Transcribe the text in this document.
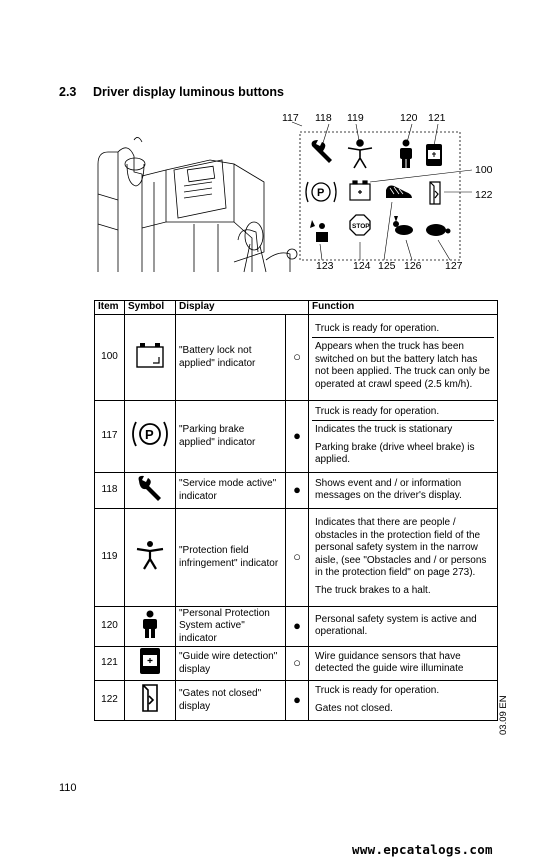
2.3 Driver display luminous buttons
117 118 119	120 121
100
122
123 124 125 126 127
P
STOP
Item	Symbol	Display		Function
100		"Battery lock not applied" indicator	○	Truck is ready for operation.

Appears when the truck has been switched on but the battery latch has not been applied. The truck can only be operated at crawl speed (2.5 km/h).

117	P	"Parking brake applied" indicator	●	Truck is ready for operation.

Indicates the truck is stationary

Parking brake (drive wheel brake) is applied.

118		"Service mode active" indicator	●	Shows event and / or information messages on the driver's display.

119		"Protection field infringement" indicator	○	Indicates that there are people / obstacles in the protection field of the personal safety system in the narrow aisle, (see "Obstacles and / or persons in the protection field" on page 273).

The truck brakes to a halt.

120		"Personal Protection System active" indicator	●	Personal safety system is active and operational.

121		"Guide wire detection" display	○	Wire guidance sensors that have detected the guide wire illuminate

122		"Gates not closed" display	●	Truck is ready for operation.

Gates not closed.	03.09 EN
110
www.epcatalogs.com
